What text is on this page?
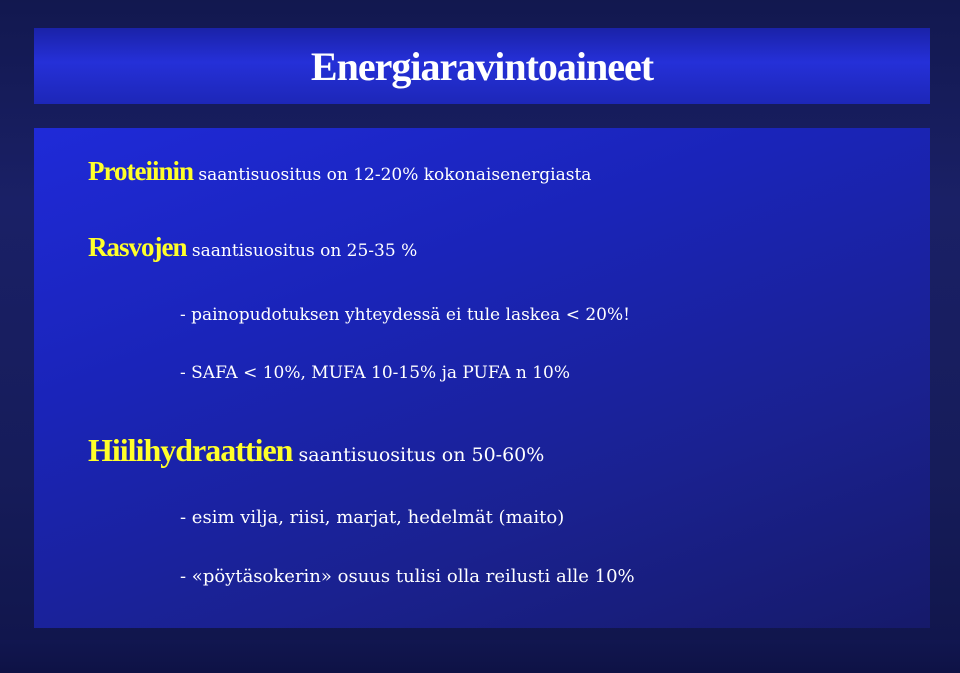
Energiaravintoaineet
Proteiinin saantisuositus on 12-20% kokonaisenergiasta
Rasvojen saantisuositus on 25-35 %
- painopudotuksen yhteydessä ei tule laskea < 20%!
- SAFA < 10%, MUFA 10-15% ja PUFA n 10%
Hiilihydraattien saantisuositus on 50-60%
- esim vilja, riisi, marjat, hedelmät (maito)
- «pöytäsokerin» osuus tulisi olla reilusti alle 10%
